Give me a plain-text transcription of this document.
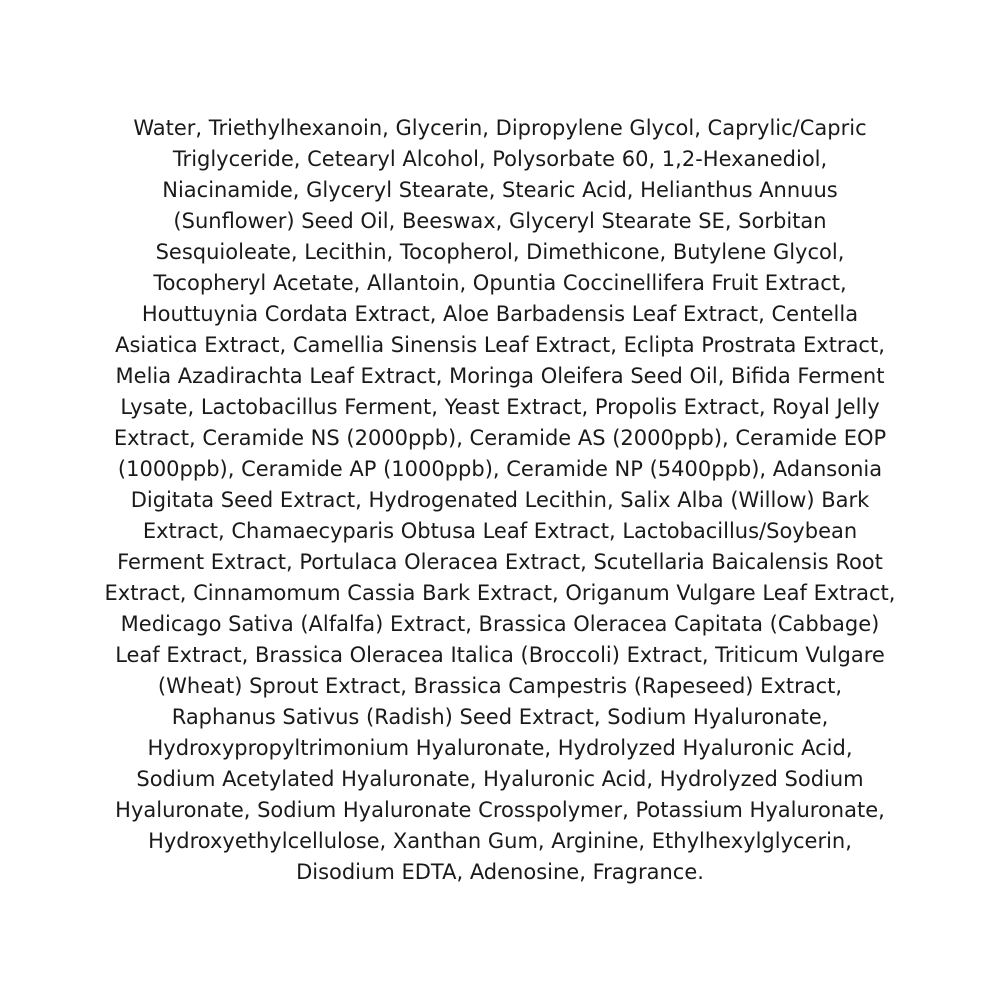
Water, Triethylhexanoin, Glycerin, Dipropylene Glycol, Caprylic/Capric
Triglyceride, Cetearyl Alcohol, Polysorbate 60, 1,2-Hexanediol,
Niacinamide, Glyceryl Stearate, Stearic Acid, Helianthus Annuus
(Sunflower) Seed Oil, Beeswax, Glyceryl Stearate SE, Sorbitan
Sesquioleate, Lecithin, Tocopherol, Dimethicone, Butylene Glycol,
Tocopheryl Acetate, Allantoin, Opuntia Coccinellifera Fruit Extract,
Houttuynia Cordata Extract, Aloe Barbadensis Leaf Extract, Centella
Asiatica Extract, Camellia Sinensis Leaf Extract, Eclipta Prostrata Extract,
Melia Azadirachta Leaf Extract, Moringa Oleifera Seed Oil, Bifida Ferment
Lysate, Lactobacillus Ferment, Yeast Extract, Propolis Extract, Royal Jelly
Extract, Ceramide NS (2000ppb), Ceramide AS (2000ppb), Ceramide EOP
(1000ppb), Ceramide AP (1000ppb), Ceramide NP (5400ppb), Adansonia
Digitata Seed Extract, Hydrogenated Lecithin, Salix Alba (Willow) Bark
Extract, Chamaecyparis Obtusa Leaf Extract, Lactobacillus/Soybean
Ferment Extract, Portulaca Oleracea Extract, Scutellaria Baicalensis Root
Extract, Cinnamomum Cassia Bark Extract, Origanum Vulgare Leaf Extract,
Medicago Sativa (Alfalfa) Extract, Brassica Oleracea Capitata (Cabbage)
Leaf Extract, Brassica Oleracea Italica (Broccoli) Extract, Triticum Vulgare
(Wheat) Sprout Extract, Brassica Campestris (Rapeseed) Extract,
Raphanus Sativus (Radish) Seed Extract, Sodium Hyaluronate,
Hydroxypropyltrimonium Hyaluronate, Hydrolyzed Hyaluronic Acid,
Sodium Acetylated Hyaluronate, Hyaluronic Acid, Hydrolyzed Sodium
Hyaluronate, Sodium Hyaluronate Crosspolymer, Potassium Hyaluronate,
Hydroxyethylcellulose, Xanthan Gum, Arginine, Ethylhexylglycerin,
Disodium EDTA, Adenosine, Fragrance.
